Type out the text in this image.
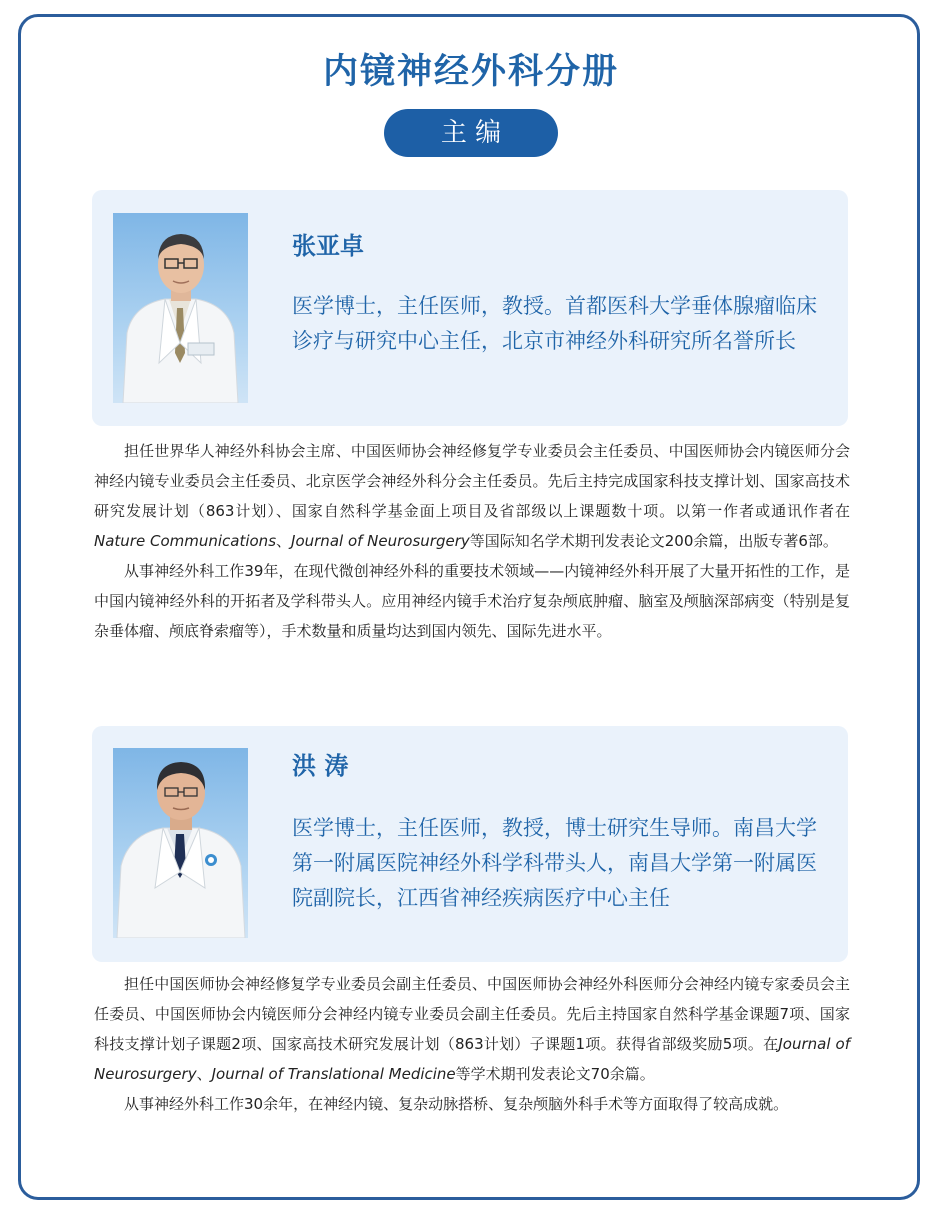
内镜神经外科分册
主 编
张亚卓
医学博士，主任医师，教授。首都医科大学垂体腺瘤临床诊疗与研究中心主任，北京市神经外科研究所名誉所长

担任世界华人神经外科协会主席、中国医师协会神经修复学专业委员会主任委员、中国医师协会内镜医师分会神经内镜专业委员会主任委员、北京医学会神经外科分会主任委员。先后主持完成国家科技支撑计划、国家高技术研究发展计划（863计划）、国家自然科学基金面上项目及省部级以上课题数十项。以第一作者或通讯作者在Nature Communications、Journal of Neurosurgery等国际知名学术期刊发表论文200余篇，出版专著6部。

从事神经外科工作39年，在现代微创神经外科的重要技术领域——内镜神经外科开展了大量开拓性的工作，是中国内镜神经外科的开拓者及学科带头人。应用神经内镜手术治疗复杂颅底肿瘤、脑室及颅脑深部病变（特别是复杂垂体瘤、颅底脊索瘤等），手术数量和质量均达到国内领先、国际先进水平。

洪 涛
医学博士，主任医师，教授，博士研究生导师。南昌大学第一附属医院神经外科学科带头人，南昌大学第一附属医院副院长，江西省神经疾病医疗中心主任

担任中国医师协会神经修复学专业委员会副主任委员、中国医师协会神经外科医师分会神经内镜专家委员会主任委员、中国医师协会内镜医师分会神经内镜专业委员会副主任委员。先后主持国家自然科学基金课题7项、国家科技支撑计划子课题2项、国家高技术研究发展计划（863计划）子课题1项。获得省部级奖励5项。在Journal of Neurosurgery、Journal of Translational Medicine等学术期刊发表论文70余篇。

从事神经外科工作30余年，在神经内镜、复杂动脉搭桥、复杂颅脑外科手术等方面取得了较高成就。
